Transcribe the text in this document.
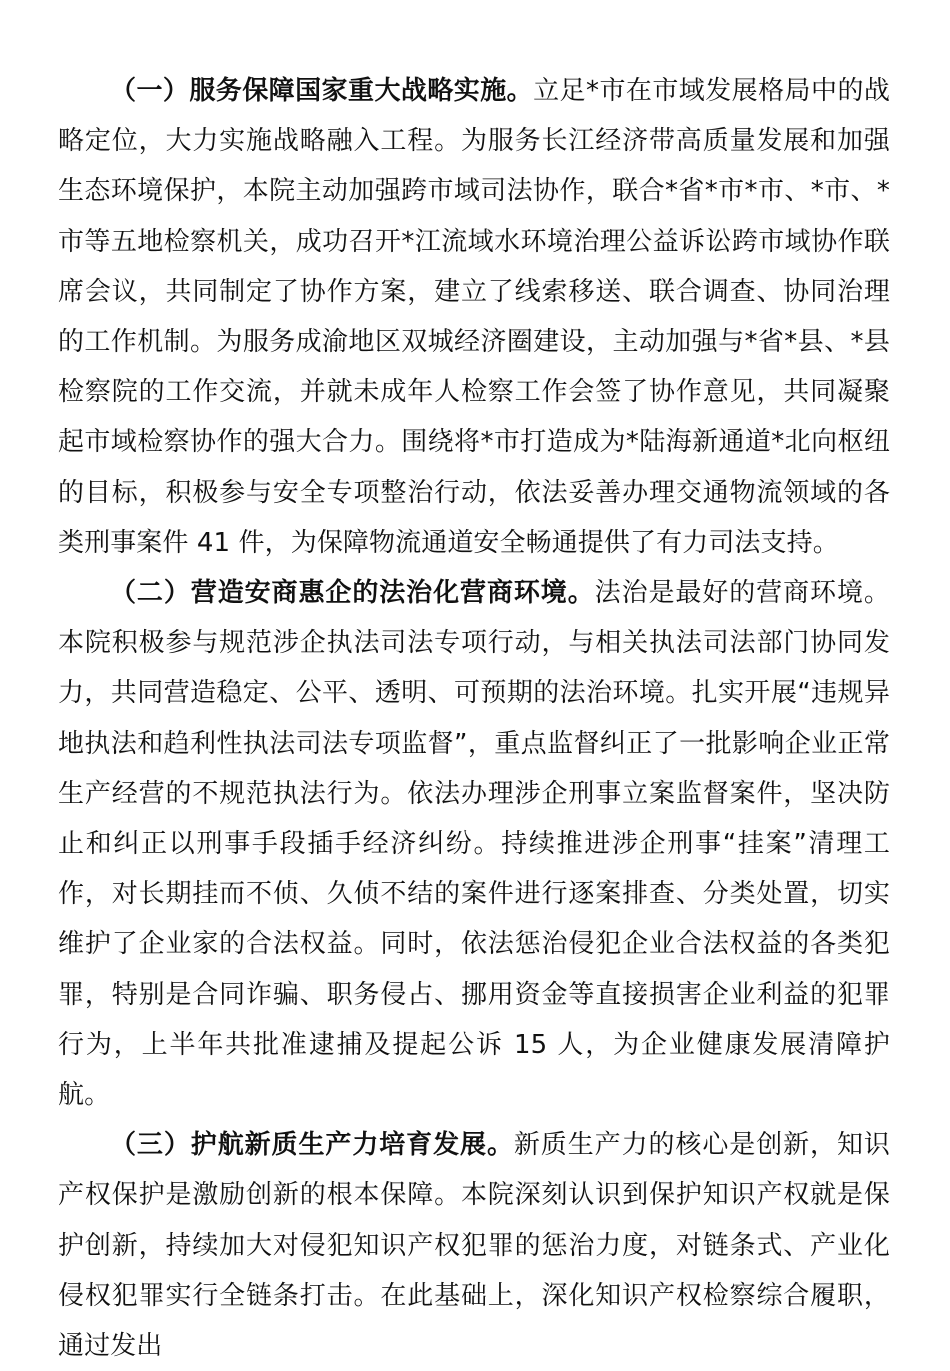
（一）服务保障国家重大战略实施。立足*市在市域发展格局中的战略定位，大力实施战略融入工程。为服务长江经济带高质量发展和加强生态环境保护，本院主动加强跨市域司法协作，联合*省*市*市、*市、*市等五地检察机关，成功召开*江流域水环境治理公益诉讼跨市域协作联席会议，共同制定了协作方案，建立了线索移送、联合调查、协同治理的工作机制。为服务成渝地区双城经济圈建设，主动加强与*省*县、*县检察院的工作交流，并就未成年人检察工作会签了协作意见，共同凝聚起市域检察协作的强大合力。围绕将*市打造成为*陆海新通道*北向枢纽的目标，积极参与安全专项整治行动，依法妥善办理交通物流领域的各类刑事案件 41 件，为保障物流通道安全畅通提供了有力司法支持。

（二）营造安商惠企的法治化营商环境。法治是最好的营商环境。本院积极参与规范涉企执法司法专项行动，与相关执法司法部门协同发力，共同营造稳定、公平、透明、可预期的法治环境。扎实开展“违规异地执法和趋利性执法司法专项监督”，重点监督纠正了一批影响企业正常生产经营的不规范执法行为。依法办理涉企刑事立案监督案件，坚决防止和纠正以刑事手段插手经济纠纷。持续推进涉企刑事“挂案”清理工作，对长期挂而不侦、久侦不结的案件进行逐案排查、分类处置，切实维护了企业家的合法权益。同时，依法惩治侵犯企业合法权益的各类犯罪，特别是合同诈骗、职务侵占、挪用资金等直接损害企业利益的犯罪行为，上半年共批准逮捕及提起公诉 15 人，为企业健康发展清障护航。

（三）护航新质生产力培育发展。新质生产力的核心是创新，知识产权保护是激励创新的根本保障。本院深刻认识到保护知识产权就是保护创新，持续加大对侵犯知识产权犯罪的惩治力度，对链条式、产业化侵权犯罪实行全链条打击。在此基础上，深化知识产权检察综合履职，通过发出
